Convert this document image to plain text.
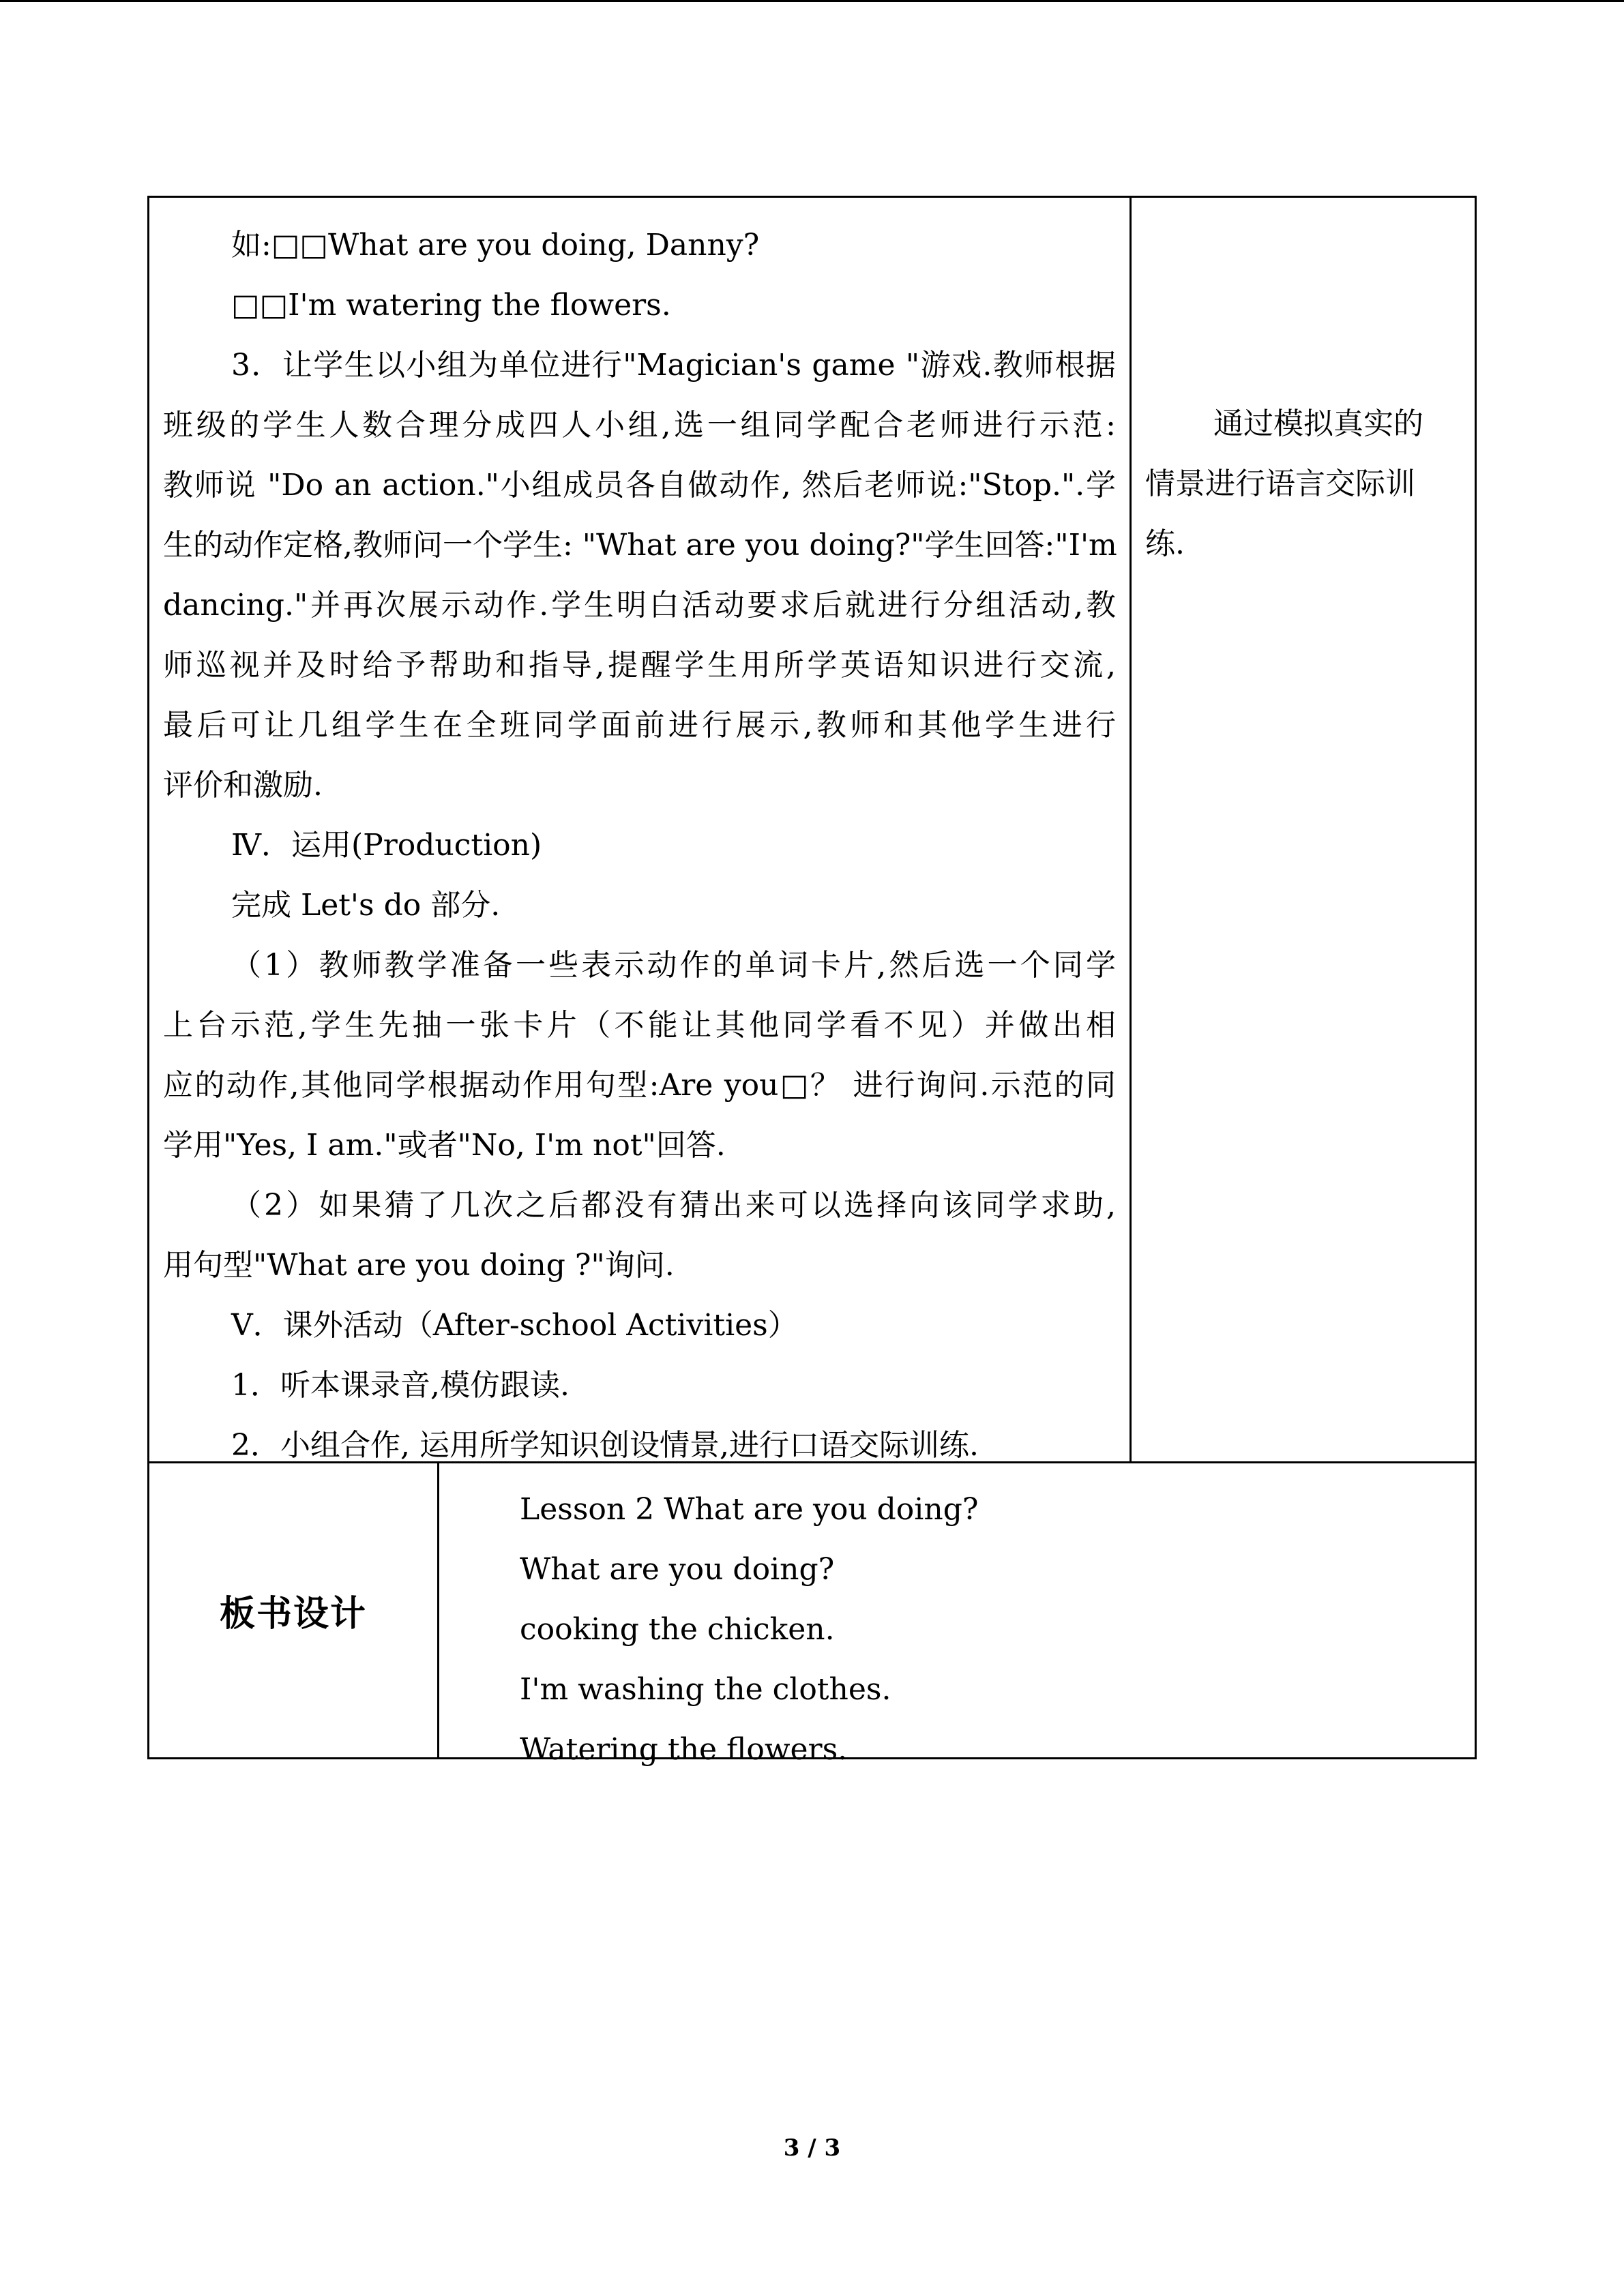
如:□□What are you doing, Danny?

□□I'm watering the flowers.

3．让学生以小组为单位进行"Magician's game "游戏.教师根据

班级的学生人数合理分成四人小组,选一组同学配合老师进行示范:

教师说 "Do an action."小组成员各自做动作, 然后老师说:"Stop.".学

生的动作定格,教师问一个学生: "What are you doing?"学生回答:"I'm

dancing."并再次展示动作.学生明白活动要求后就进行分组活动,教

师巡视并及时给予帮助和指导,提醒学生用所学英语知识进行交流,

最后可让几组学生在全班同学面前进行展示,教师和其他学生进行

评价和激励.

Ⅳ．运用(Production)

完成 Let's do 部分.

（1）教师教学准备一些表示动作的单词卡片,然后选一个同学

上台示范,学生先抽一张卡片（不能让其他同学看不见）并做出相

应的动作,其他同学根据动作用句型:Are you□？ 进行询问.示范的同

学用"Yes, I am."或者"No, I'm not"回答.

（2）如果猜了几次之后都没有猜出来可以选择向该同学求助,

用句型"What are you doing ?"询问.

Ⅴ．课外活动（After-school Activities）

1．听本课录音,模仿跟读.

2．小组合作, 运用所学知识创设情景,进行口语交际训练.

通过模拟真实的

情景进行语言交际训

练.

板书设计

Lesson 2 What are you doing?

What are you doing?

cooking the chicken.

I'm washing the clothes.

Watering the flowers.

3 / 3
